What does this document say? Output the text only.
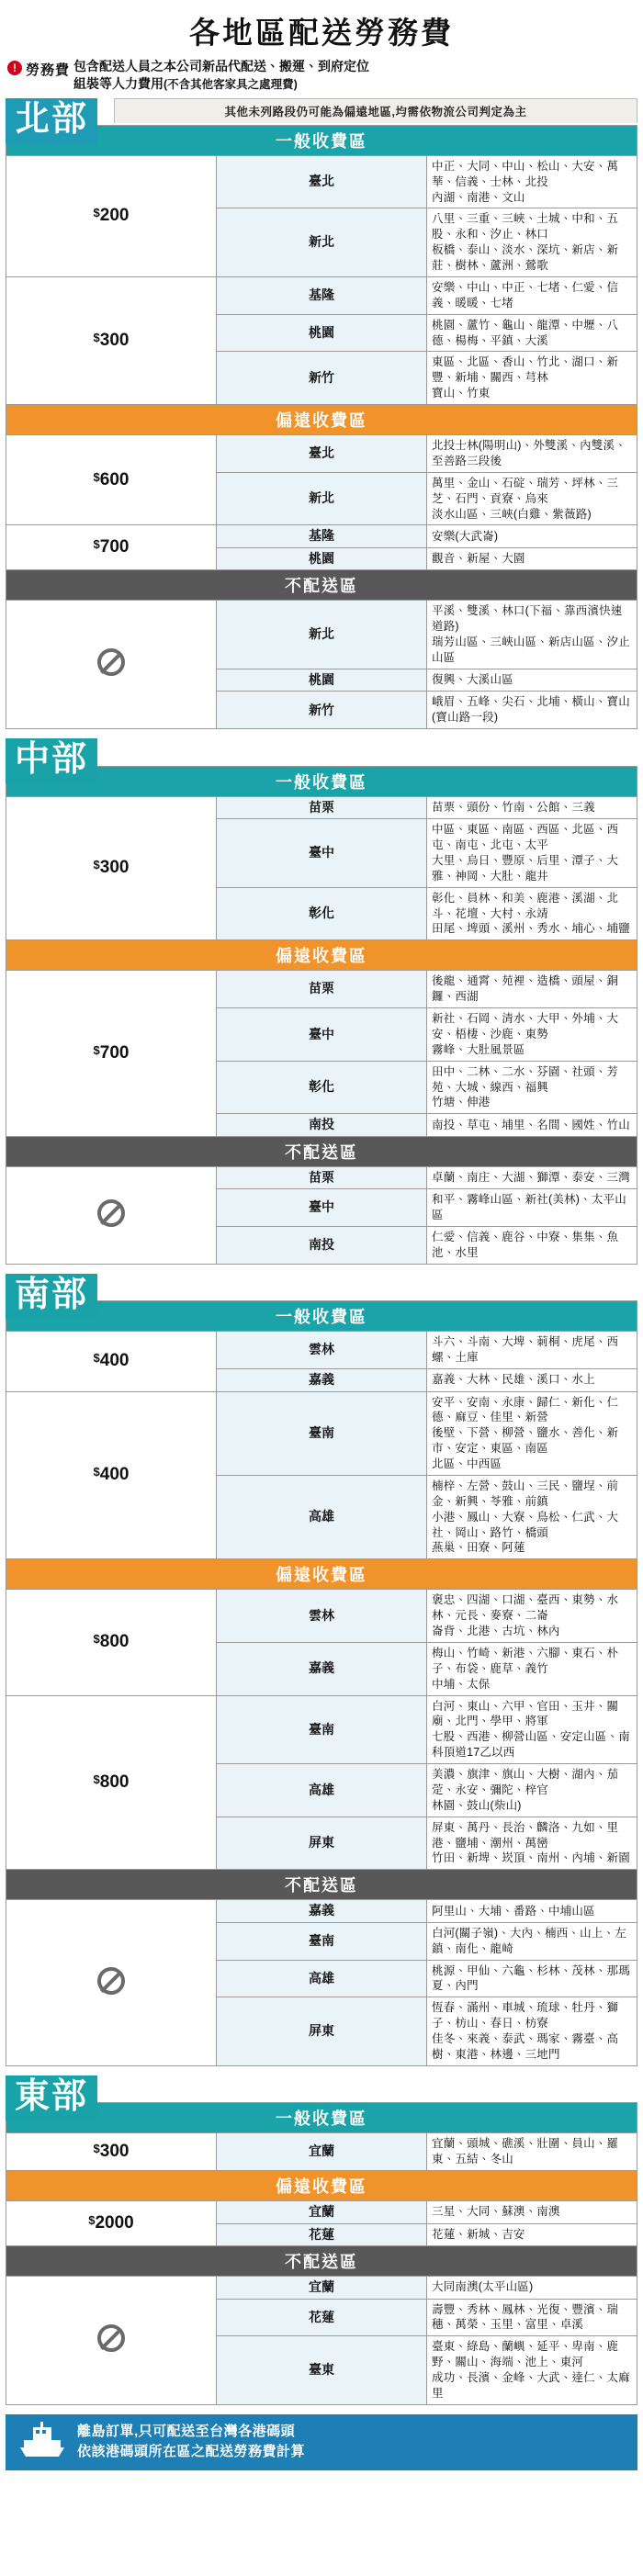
各地區配送勞務費
! 勞務費 包含配送人員之本公司新品代配送、搬運、到府定位
組裝等人力費用(不含其他客家具之處理費)
北部	其他未列路段仍可能為偏遠地區,均需依物流公司判定為主

一般收費區		
$200	臺北	中正、大同、中山、松山、大安、萬華、信義、士林、北投
內湖、南港、文山
	新北	八里、三重、三峽、土城、中和、五股、永和、汐止、林口
板橋、泰山、淡水、深坑、新店、新莊、樹林、蘆洲、鶯歌
$300	基隆	安樂、中山、中正、七堵、仁愛、信義、暖暖、七堵
	桃園	桃園、蘆竹、龜山、龍潭、中壢、八德、楊梅、平鎮、大溪
	新竹	東區、北區、香山、竹北、湖口、新豐、新埔、關西、芎林
寶山、竹東
偏遠收費區		
$600	臺北	北投士林(陽明山)、外雙溪、內雙溪、至善路三段後
	新北	萬里、金山、石碇、瑞芳、坪林、三芝、石門、貢寮、烏來
淡水山區、三峽(白雞、紫薇路)
$700	基隆	安樂(大武崙)
	桃園	觀音、新屋、大園
不配送區		
	新北	平溪、雙溪、林口(下福、靠西濱快速道路)
瑞芳山區、三峽山區、新店山區、汐止山區
	桃園	復興、大溪山區
	新竹	峨眉、五峰、尖石、北埔、橫山、寶山(寶山路一段)
中部

一般收費區		
$300	苗栗	苗栗、頭份、竹南、公館、三義
	臺中	中區、東區、南區、西區、北區、西屯、南屯、北屯、太平
大里、烏日、豐原、后里、潭子、大雅、神岡、大肚、龍井
	彰化	彰化、員林、和美、鹿港、溪湖、北斗、花壇、大村、永靖
田尾、埤頭、溪州、秀水、埔心、埔鹽
偏遠收費區		
$700	苗栗	後龍、通霄、苑裡、造橋、頭屋、銅鑼、西湖
	臺中	新社、石岡、清水、大甲、外埔、大安、梧棲、沙鹿、東勢
霧峰、大肚風景區
	彰化	田中、二林、二水、芬園、社頭、芳苑、大城、線西、福興
竹塘、伸港
	南投	南投、草屯、埔里、名間、國姓、竹山
不配送區		
	苗栗	卓蘭、南庄、大湖、獅潭、泰安、三灣
	臺中	和平、霧峰山區、新社(美林)、太平山區
	南投	仁愛、信義、鹿谷、中寮、集集、魚池、水里
南部

一般收費區		
$400	雲林	斗六、斗南、大埤、莿桐、虎尾、西螺、土庫
	嘉義	嘉義、大林、民雄、溪口、水上
$400	臺南	安平、安南、永康、歸仁、新化、仁德、麻豆、佳里、新營
後壁、下營、柳營、鹽水、善化、新市、安定、東區、南區
北區、中西區
	高雄	楠梓、左營、鼓山、三民、鹽埕、前金、新興、苓雅、前鎮
小港、鳳山、大寮、鳥松、仁武、大社、岡山、路竹、橋頭
燕巢、田寮、阿蓮
偏遠收費區		
$800	雲林	褒忠、四湖、口湖、臺西、東勢、水林、元長、麥寮、二崙
崙背、北港、古坑、林內
	嘉義	梅山、竹崎、新港、六腳、東石、朴子、布袋、鹿草、義竹
中埔、太保
$800	臺南	白河、東山、六甲、官田、玉井、關廟、北門、學甲、將軍
七股、西港、柳營山區、安定山區、南科頂道17乙以西
	高雄	美濃、旗津、旗山、大樹、湖內、茄萣、永安、彌陀、梓官
林園、鼓山(柴山)
	屏東	屏東、萬丹、長治、麟洛、九如、里港、鹽埔、潮州、萬巒
竹田、新埤、崁頂、南州、內埔、新園
不配送區		
	嘉義	阿里山、大埔、番路、中埔山區
	臺南	白河(關子嶺)、大內、楠西、山上、左鎮、南化、龍崎
	高雄	桃源、甲仙、六龜、杉林、茂林、那瑪夏、內門
	屏東	恆春、滿州、車城、琉球、牡丹、獅子、枋山、春日、枋寮
佳冬、來義、泰武、瑪家、霧臺、高樹、東港、林邊、三地門
東部

一般收費區		
$300	宜蘭	宜蘭、頭城、礁溪、壯圍、員山、羅東、五結、冬山
偏遠收費區		
$2000	宜蘭	三星、大同、蘇澳、南澳
	花蓮	花蓮、新城、吉安
不配送區		
	宜蘭	大同南澳(太平山區)
	花蓮	壽豐、秀林、鳳林、光復、豐濱、瑞穗、萬榮、玉里、富里、卓溪
	臺東	臺東、綠島、蘭嶼、延平、卑南、鹿野、關山、海端、池上、東河
成功、長濱、金峰、大武、達仁、太麻里
離島訂單,只可配送至台灣各港碼頭
依該港碼頭所在區之配送勞務費計算
